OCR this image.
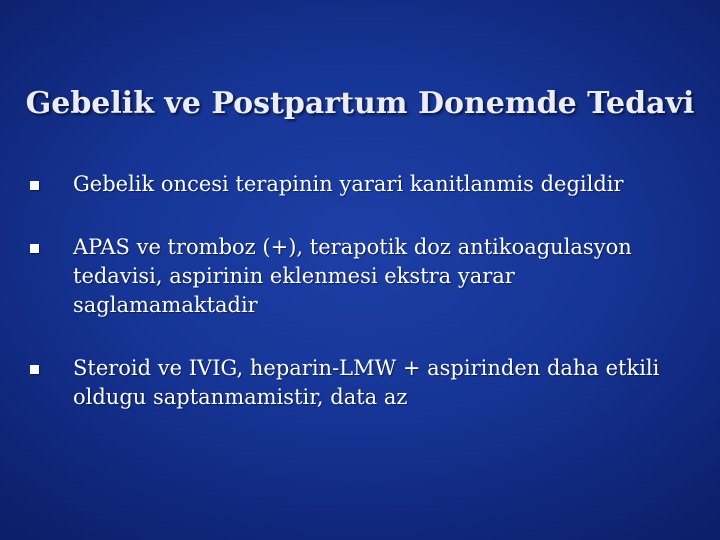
Gebelik ve Postpartum Donemde Tedavi
Gebelik oncesi terapinin yarari kanitlanmis degildir
APAS ve tromboz (+), terapotik doz antikoagulasyon tedavisi, aspirinin eklenmesi ekstra yarar saglamamaktadir
Steroid ve IVIG, heparin-LMW + aspirinden daha etkili oldugu saptanmamistir, data az
